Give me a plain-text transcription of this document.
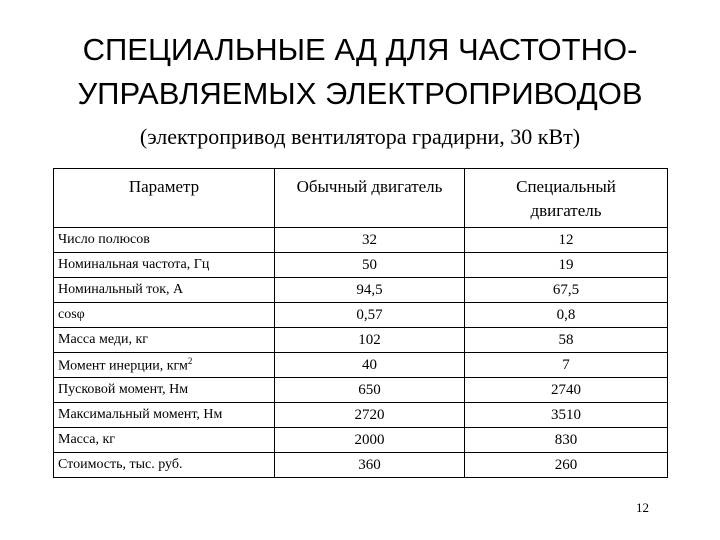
СПЕЦИАЛЬНЫЕ АД ДЛЯ ЧАСТОТНО-
УПРАВЛЯЕМЫХ ЭЛЕКТРОПРИВОДОВ
(электропривод вентилятора градирни, 30 кВт)
Параметр	Обычный двигатель	Специальный двигатель
Число полюсов	32	12
Номинальная частота, Гц	50	19
Номинальный ток, А	94,5	67,5
cosφ	0,57	0,8
Масса меди, кг	102	58
Момент инерции, кгм$^2$	40	7
Пусковой момент, Нм	650	2740
Максимальный момент, Нм	2720	3510
Масса, кг	2000	830
Стоимость, тыс. руб.	360	260
12
